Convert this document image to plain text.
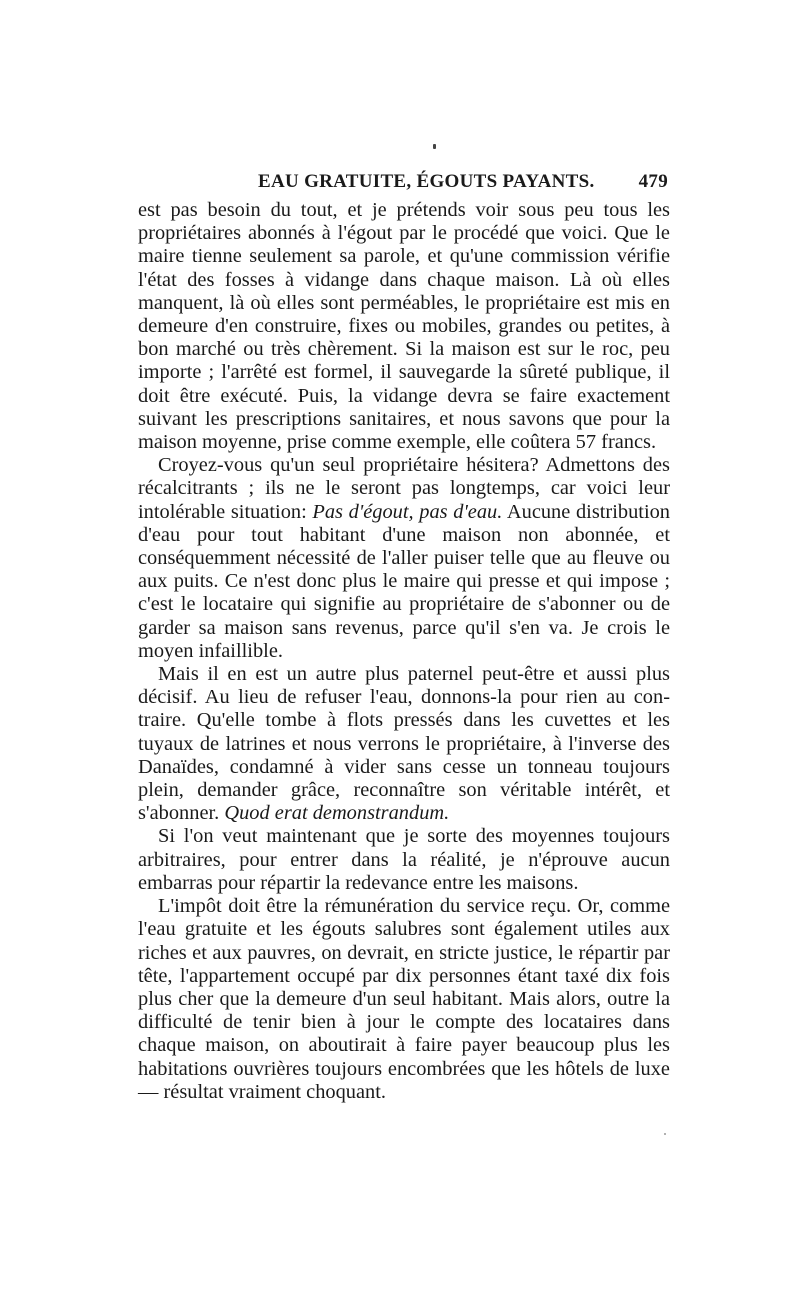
EAU GRATUITE, ÉGOUTS PAYANTS. 479

est pas besoin du tout, et je prétends voir sous peu tous les propriétaires abonnés à l'égout par le procédé que voici. Que le maire tienne seulement sa parole, et qu'une commission vérifie l'état des fosses à vidange dans chaque maison. Là où elles manquent, là où elles sont perméables, le propriétaire est mis en demeure d'en construire, fixes ou mobiles, grandes ou petites, à bon marché ou très chèrement. Si la maison est sur le roc, peu importe ; l'arrêté est formel, il sauvegarde la sûreté publique, il doit être exécuté. Puis, la vidange devra se faire exactement suivant les prescriptions sanitaires, et nous savons que pour la maison moyenne, prise comme exemple, elle coûtera 57 francs.

Croyez-vous qu'un seul propriétaire hésitera? Admettons des récalcitrants ; ils ne le seront pas longtemps, car voici leur intolérable situation: Pas d'égout, pas d'eau. Aucune distribution d'eau pour tout habitant d'une maison non abonnée, et conséquemment nécessité de l'aller puiser telle que au fleuve ou aux puits. Ce n'est donc plus le maire qui presse et qui impose ; c'est le locataire qui signifie au propriétaire de s'abonner ou de garder sa maison sans revenus, parce qu'il s'en va. Je crois le moyen infaillible.

Mais il en est un autre plus paternel peut-être et aussi plus décisif. Au lieu de refuser l'eau, donnons-la pour rien au contraire. Qu'elle tombe à flots pressés dans les cuvettes et les tuyaux de latrines et nous verrons le propriétaire, à l'inverse des Danaïdes, condamné à vider sans cesse un tonneau toujours plein, demander grâce, reconnaître son véritable intérêt, et s'abonner. Quod erat demonstrandum.

Si l'on veut maintenant que je sorte des moyennes toujours arbitraires, pour entrer dans la réalité, je n'éprouve aucun embarras pour répartir la redevance entre les maisons.

L'impôt doit être la rémunération du service reçu. Or, comme l'eau gratuite et les égouts salubres sont également utiles aux riches et aux pauvres, on devrait, en stricte justice, le répartir par tête, l'appartement occupé par dix personnes étant taxé dix fois plus cher que la demeure d'un seul habitant. Mais alors, outre la difficulté de tenir bien à jour le compte des locataires dans chaque maison, on aboutirait à faire payer beaucoup plus les habitations ouvrières toujours encombrées que les hôtels de luxe — résultat vraiment choquant.
